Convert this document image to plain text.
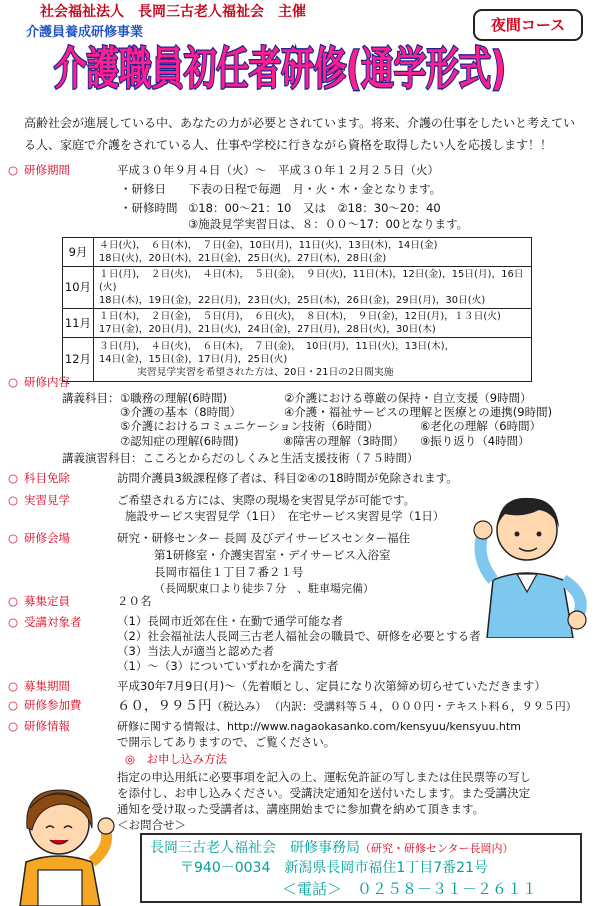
社会福祉法人　長岡三古老人福祉会　主催
介護員養成研修事業	夜間コース
介護職員初任者研修(通学形式)
高齢社会が進展している中、あなたの力が必要とされています。将来、介護の仕事をしたいと考えている人、家庭で介護をされている人、仕事や学校に行きながら資格を取得したい人を応援します！！
○ 研修期間	平成３０年９月４日（火）～　平成３０年１２月２５日（火）
・研修日　　下表の日程で毎週　月・火・木・金となります。
・研修時間 ①18：00～21：10　又は　②18：30～20：40
③施設見学実習日は、８：００～17：00となります。
9月	４日(火)，　６日(木)，　７日(金)，10日(月)，11日(火)，13日(木)，14日(金)
18日(火)，20日(木)，21日(金)，25日(火)，27日(木)，28日(金)

10月	１日(月)，　２日(火)，　４日(木)，　５日(金)，　９日(火)，11日(木)，12日(金)，15日(月)，16日(火)
18日(木)，19日(金)，22日(月)，23日(火)，25日(木)，26日(金)，29日(月)，30日(火)

11月	１日(木)，　２日(金)，　５日(月)，　６日(火)，　８日(木)，　９日(金)，12日(月)，１３日(火)
17日(金)，20日(月)，21日(火)，24日(金)，27日(月)，28日(火)，30日(木)

12月	３日(月)，　４日(火)，　６日(木)，　７日(金)，　10日(月)，11日(火)，13日(木)，
14日(金)，15日(金)，17日(月)，25日(火)
実習見学実習を希望された方は、20日・21日の2日間実施
○ 研修内容
講義科目： ①職務の理解(6時間)	②介護における尊厳の保持・自立支援（9時間）
③介護の基本（8時間）	④介護・福祉サービスの理解と医療との連携(9時間)
⑤介護におけるコミュニケーション技術（6時間）	⑥老化の理解（6時間）
⑦認知症の理解(6時間)	⑧障害の理解（3時間） ⑨振り返り（4時間）
講義演習科目：こころとからだのしくみと生活支援技術（７５時間）
○ 科目免除	訪問介護員3級課程修了者は、科目②④の18時間が免除されます。
○ 実習見学	ご希望される方には、実際の現場を実習見学が可能です。
施設サービス実習見学（1日）　在宅サービス実習見学（1日）
○ 研修会場	研究・研修センター 長岡 及びデイサービスセンター福住
第1研修室・介護実習室・デイサービス入浴室
長岡市福住１丁目７番２１号
（長岡駅東口より徒歩７分　、駐車場完備）
○ 募集定員	２０名
○ 受講対象者	（1）長岡市近郊在住・在勤で通学可能な者
（2）社会福祉法人長岡三古老人福祉会の職員で、研修を必要とする者
（3）当法人が適当と認めた者
（1）～（3）についていずれかを満たす者
○ 募集期間	平成30年7月9日(月)～（先着順とし、定員になり次第締め切らせていただきます）
○ 研修参加費	６０，９９５円（税込み） （内訳：受講料等５４，０００円・テキスト料６，９９５円）
○ 研修情報	研修に関する情報は、http://www.nagaokasanko.com/kensyuu/kensyuu.htm
で開示してありますので、ご覧ください。
◎　 お申し込み方法
指定の申込用紙に必要事項を記入の上、運転免許証の写しまたは住民票等の写し
を添付し、お申し込みください。受講決定通知を送付いたします。また受講決定
通知を受け取った受講者は、講座開始までに参加費を納めて頂きます。
＜お問合せ＞
長岡三古老人福祉会　研修事務局（研究・研修センター長岡内）
〒940－0034　新潟県長岡市福住1丁目7番21号
＜電話＞　０２５８－３１－２６１１
